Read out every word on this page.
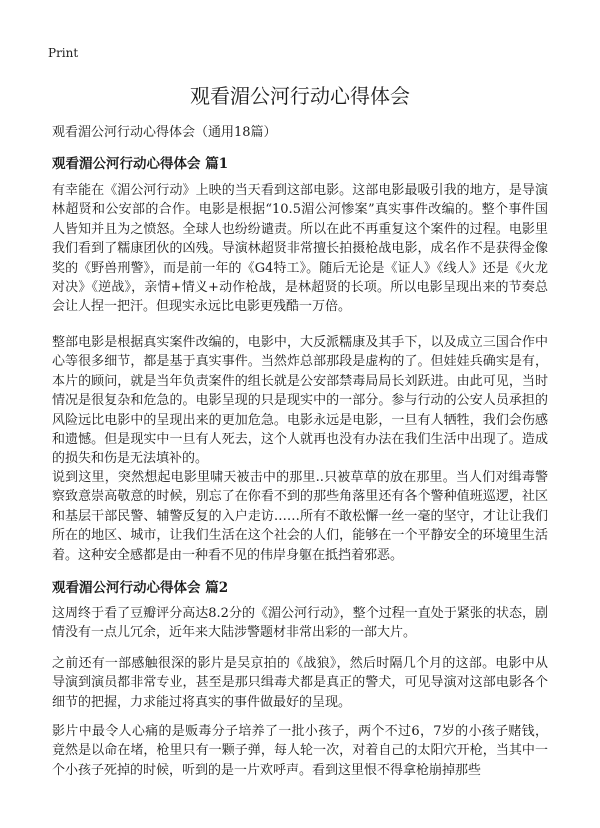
Print
观看湄公河行动心得体会

观看湄公河行动心得体会（通用18篇）

观看湄公河行动心得体会 篇1

有幸能在《湄公河行动》上映的当天看到这部电影。这部电影最吸引我的地方，是导演林超贤和公安部的合作。电影是根据“10.5湄公河惨案”真实事件改编的。整个事件国人皆知并且为之愤怒。全球人也纷纷谴责。所以在此不再重复这个案件的过程。电影里我们看到了糯康团伙的凶残。导演林超贤非常擅长拍摄枪战电影，成名作不是获得金像奖的《野兽刑警》，而是前一年的《G4特工》。随后无论是《证人》《线人》还是《火龙对决》《逆战》，亲情+情义+动作枪战，是林超贤的长项。所以电影呈现出来的节奏总会让人捏一把汗。但现实永远比电影更残酷一万倍。

整部电影是根据真实案件改编的，电影中，大反派糯康及其手下，以及成立三国合作中心等很多细节，都是基于真实事件。当然炸总部那段是虚构的了。但娃娃兵确实是有，本片的顾问，就是当年负责案件的组长就是公安部禁毒局局长刘跃进。由此可见，当时情况是很复杂和危急的。电影呈现的只是现实中的一部分。参与行动的公安人员承担的风险远比电影中的呈现出来的更加危急。电影永远是电影，一旦有人牺牲，我们会伤感和遗憾。但是现实中一旦有人死去，这个人就再也没有办法在我们生活中出现了。造成的损失和伤是无法填补的。

说到这里，突然想起电影里啸天被击中的那里..只被草草的放在那里。当人们对缉毒警察致意崇高敬意的时候，别忘了在你看不到的那些角落里还有各个警种值班巡逻，社区和基层干部民警、辅警反复的入户走访……所有不敢松懈一丝一毫的坚守，才让让我们所在的地区、城市，让我们生活在这个社会的人们，能够在一个平静安全的环境里生活着。这种安全感都是由一种看不见的伟岸身躯在抵挡着邪恶。

观看湄公河行动心得体会 篇2

这周终于看了豆瓣评分高达8.2分的《湄公河行动》，整个过程一直处于紧张的状态，剧情没有一点儿冗余，近年来大陆涉警题材非常出彩的一部大片。

之前还有一部感触很深的影片是吴京拍的《战狼》，然后时隔几个月的这部。电影中从导演到演员都非常专业，甚至是那只缉毒犬都是真正的警犬，可见导演对这部电影各个细节的把握，力求能过将真实的事件做最好的呈现。

影片中最令人心痛的是贩毒分子培养了一批小孩子，两个不过6，7岁的小孩子赌钱，竟然是以命在堵，枪里只有一颗子弹，每人轮一次，对着自己的太阳穴开枪，当其中一个小孩子死掉的时候，听到的是一片欢呼声。看到这里恨不得拿枪崩掉那些
